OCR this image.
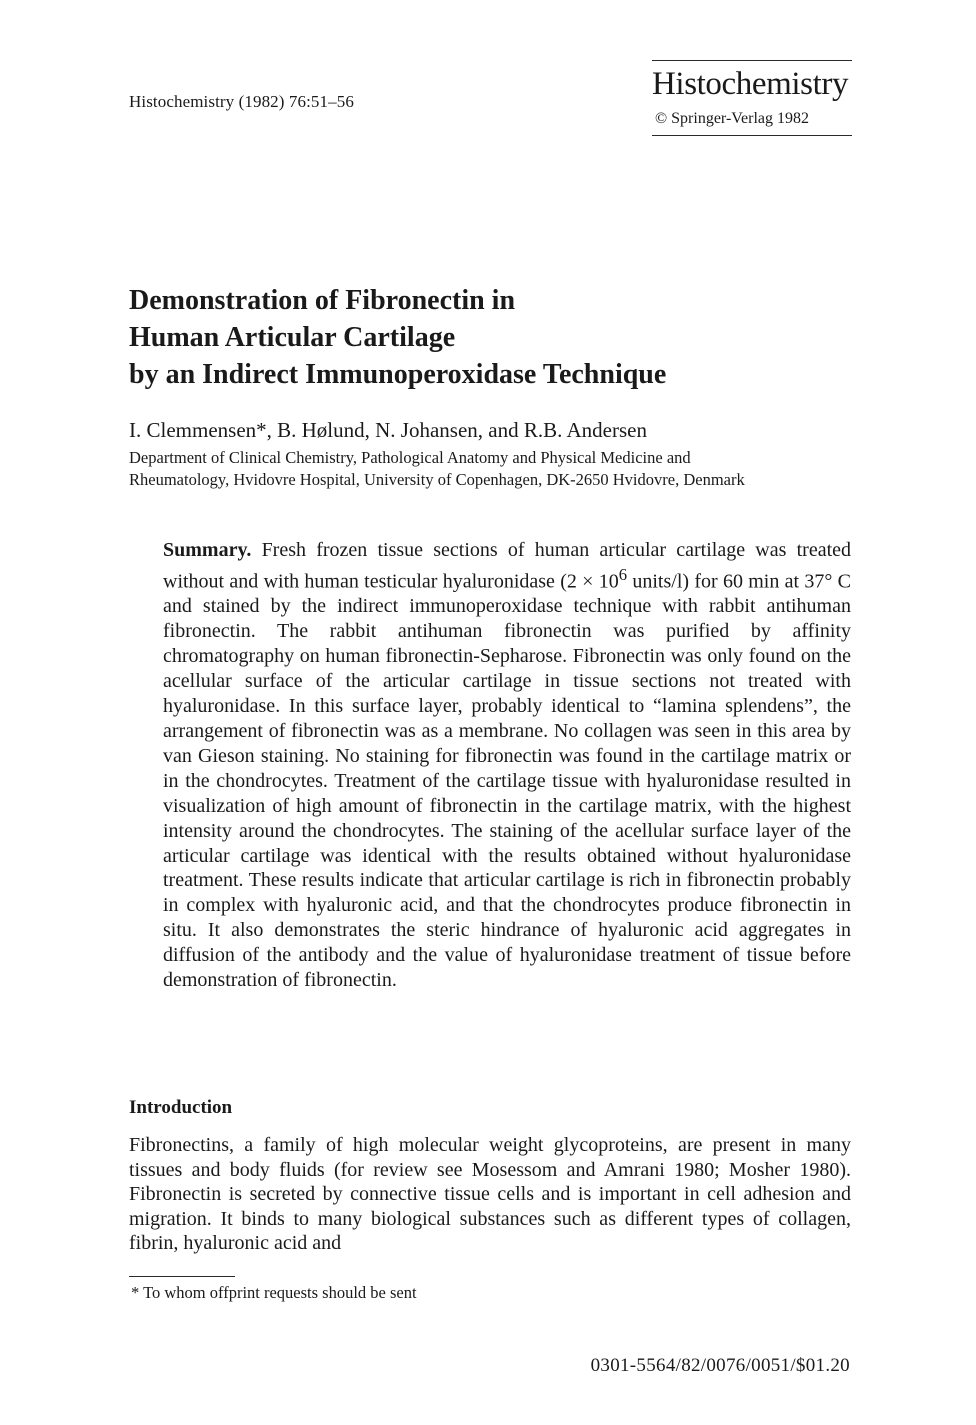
Histochemistry (1982) 76:51–56	Histochemistry
© Springer-Verlag 1982
Demonstration of Fibronectin in
Human Articular Cartilage
by an Indirect Immunoperoxidase Technique
I. Clemmensen*, B. Hølund, N. Johansen, and R.B. Andersen
Department of Clinical Chemistry, Pathological Anatomy and Physical Medicine and
Rheumatology, Hvidovre Hospital, University of Copenhagen, DK-2650 Hvidovre, Denmark

Summary. Fresh frozen tissue sections of human articular cartilage was treated without and with human testicular hyaluronidase ($2 \times 10^6$ units/l) for 60 min at 37° C and stained by the indirect immunoperoxidase technique with rabbit antihuman fibronectin. The rabbit antihuman fibronectin was purified by affinity chromatography on human fibronectin-Sepharose. Fibronectin was only found on the acellular surface of the articular cartilage in tissue sections not treated with hyaluronidase. In this surface layer, probably identical to “lamina splendens”, the arrangement of fibronectin was as a membrane. No collagen was seen in this area by van Gieson staining. No staining for fibronectin was found in the cartilage matrix or in the chondrocytes. Treatment of the cartilage tissue with hyaluronidase resulted in visualization of high amount of fibronectin in the cartilage matrix, with the highest intensity around the chondrocytes. The staining of the acellular surface layer of the articular cartilage was identical with the results obtained without hyaluronidase treatment. These results indicate that articular cartilage is rich in fibronectin probably in complex with hyaluronic acid, and that the chondrocytes produce fibronectin in situ. It also demonstrates the steric hindrance of hyaluronic acid aggregates in diffusion of the antibody and the value of hyaluronidase treatment of tissue before demonstration of fibronectin.

Introduction

Fibronectins, a family of high molecular weight glycoproteins, are present in many tissues and body fluids (for review see Mosessom and Amrani 1980; Mosher 1980). Fibronectin is secreted by connective tissue cells and is important in cell adhesion and migration. It binds to many biological substances such as different types of collagen, fibrin, hyaluronic acid and

* To whom offprint requests should be sent
0301-5564/82/0076/0051/$01.20
